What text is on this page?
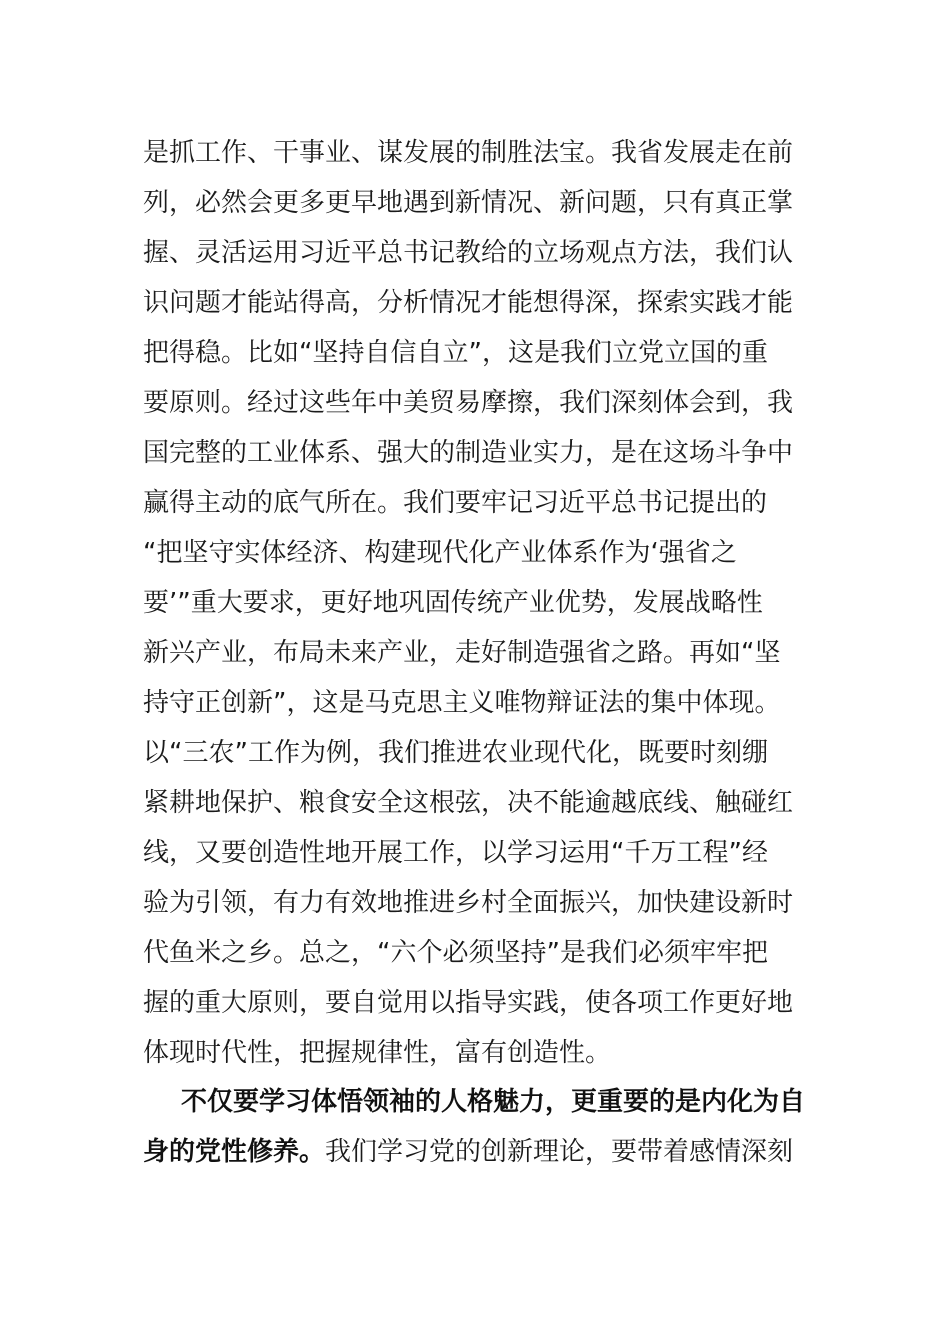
是抓工作、干事业、谋发展的制胜法宝。我省发展走在前
列，必然会更多更早地遇到新情况、新问题，只有真正掌
握、灵活运用习近平总书记教给的立场观点方法，我们认
识问题才能站得高，分析情况才能想得深，探索实践才能
把得稳。比如“坚持自信自立”，这是我们立党立国的重
要原则。经过这些年中美贸易摩擦，我们深刻体会到，我
国完整的工业体系、强大的制造业实力，是在这场斗争中
赢得主动的底气所在。我们要牢记习近平总书记提出的
“把坚守实体经济、构建现代化产业体系作为‘强省之
要’”重大要求，更好地巩固传统产业优势，发展战略性
新兴产业，布局未来产业，走好制造强省之路。再如“坚
持守正创新”，这是马克思主义唯物辩证法的集中体现。
以“三农”工作为例，我们推进农业现代化，既要时刻绷
紧耕地保护、粮食安全这根弦，决不能逾越底线、触碰红
线，又要创造性地开展工作，以学习运用“千万工程”经
验为引领，有力有效地推进乡村全面振兴，加快建设新时
代鱼米之乡。总之，“六个必须坚持”是我们必须牢牢把
握的重大原则，要自觉用以指导实践，使各项工作更好地
体现时代性，把握规律性，富有创造性。
不仅要学习体悟领袖的人格魅力，更重要的是内化为自
身的党性修养。我们学习党的创新理论，要带着感情深刻
